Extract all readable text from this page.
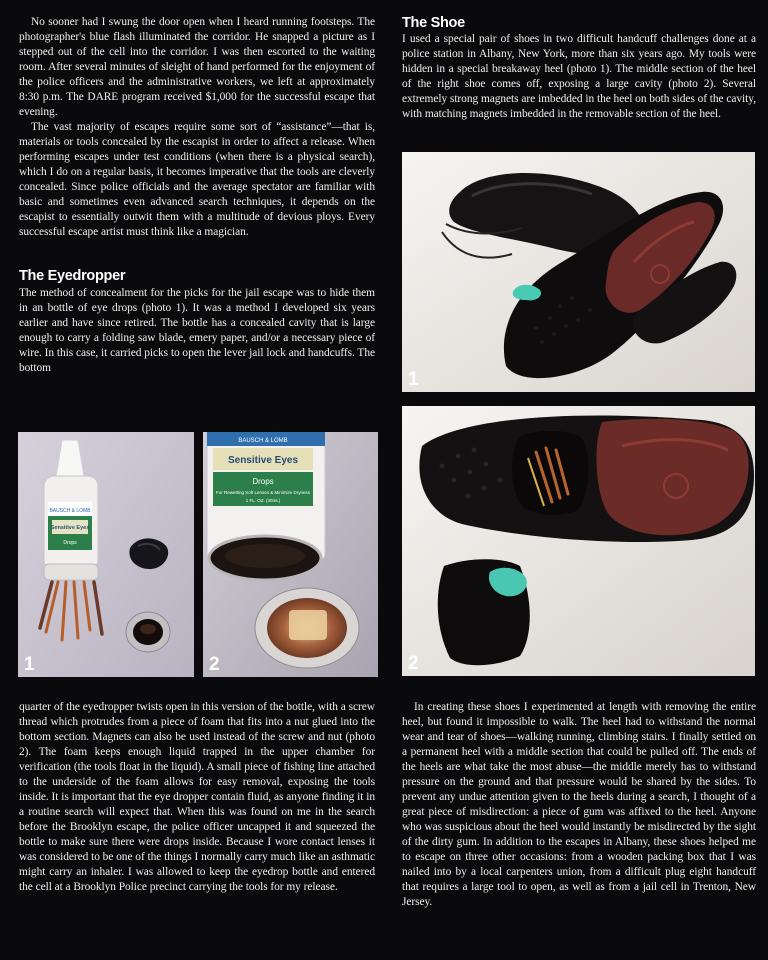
No sooner had I swung the door open when I heard running footsteps. The photographer's blue flash illuminated the corridor. He snapped a picture as I stepped out of the cell into the corridor. I was then escorted to the waiting room. After several minutes of sleight of hand performed for the enjoyment of the police officers and the administrative workers, we left at approximately 8:30 p.m. The DARE program received $1,000 for the successful escape that evening.

The vast majority of escapes require some sort of “assistance”—that is, materials or tools concealed by the escapist in order to affect a release. When performing escapes under test conditions (when there is a physical search), which I do on a regular basis, it becomes imperative that the tools are cleverly concealed. Since police officials and the average spectator are familiar with basic and sometimes even advanced search techniques, it depends on the escapist to essentially outwit them with a multitude of devious ploys. Every successful escape artist must think like a magician.

The Eyedropper

The method of concealment for the picks for the jail escape was to hide them in an bottle of eye drops (photo 1). It was a method I developed six years earlier and have since retired. The bottle has a concealed cavity that is large enough to carry a folding saw blade, emery paper, and/or a necessary piece of wire. In this case, it carried picks to open the lever jail lock and handcuffs. The bottom

BAUSCH & LOMB
Sensitive Eyes
Drops
1
BAUSCH & LOMB
Sensitive Eyes
Drops
For Rewetting Soft Lenses & Minimize Dryness
1 FL. OZ. (30mL)
2

quarter of the eyedropper twists open in this version of the bottle, with a screw thread which protrudes from a piece of foam that fits into a nut glued into the bottom section. Magnets can also be used instead of the screw and nut (photo 2). The foam keeps enough liquid trapped in the upper chamber for verification (the tools float in the liquid). A small piece of fishing line attached to the underside of the foam allows for easy removal, exposing the tools inside. It is important that the eye dropper contain fluid, as anyone finding it in a routine search will expect that. When this was found on me in the search before the Brooklyn escape, the police officer uncapped it and squeezed the bottle to make sure there were drops inside. Because I wore contact lenses it was considered to be one of the things I normally carry much like an asthmatic might carry an inhaler. I was allowed to keep the eyedrop bottle and entered the cell at a Brooklyn Police precinct carrying the tools for my release.

The Shoe

I used a special pair of shoes in two difficult handcuff challenges done at a police station in Albany, New York, more than six years ago. My tools were hidden in a special breakaway heel (photo 1). The middle section of the heel of the right shoe comes off, exposing a large cavity (photo 2). Several extremely strong magnets are imbedded in the heel on both sides of the cavity, with matching magnets imbedded in the removable section of the heel.

1
2

In creating these shoes I experimented at length with removing the entire heel, but found it impossible to walk. The heel had to withstand the normal wear and tear of shoes—walking running, climbing stairs. I finally settled on a permanent heel with a middle section that could be pulled off. The ends of the heels are what take the most abuse—the middle merely has to withstand pressure on the ground and that pressure would be shared by the sides. To prevent any undue attention given to the heels during a search, I thought of a great piece of misdirection: a piece of gum was affixed to the heel. Anyone who was suspicious about the heel would instantly be misdirected by the sight of the dirty gum. In addition to the escapes in Albany, these shoes helped me to escape on three other occasions: from a wooden packing box that I was nailed into by a local carpenters union, from a difficult plug eight handcuff that requires a large tool to open, as well as from a jail cell in Trenton, New Jersey.
